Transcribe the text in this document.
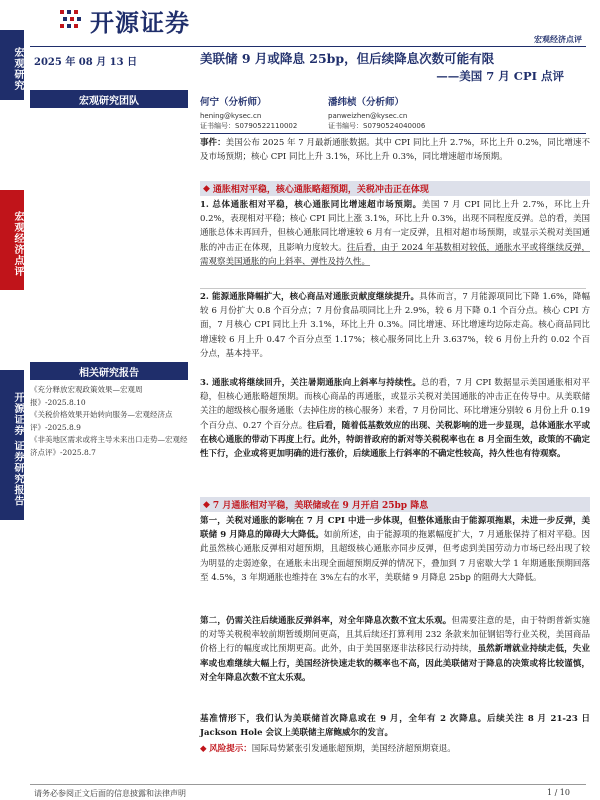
宏观研究
宏观经济点评
开源证券 证券研究报告
开源证券
宏观经济点评
2025 年 08 月 13 日	美联储 9 月或降息 25bp，但后续降息次数可能有限
——美国 7 月 CPI 点评
宏观研究团队	何宁（分析师）
hening@kysec.cn
证书编号：S0790522110002
潘纬桢（分析师）
panweizhen@kysec.cn
证书编号：S0790524040006
事件：美国公布 2025 年 7 月最新通胀数据。其中 CPI 同比上升 2.7%，环比上升 0.2%，同比增速不及市场预期；核心 CPI 同比上升 3.1%，环比上升 0.3%，同比增速超市场预期。
◆ 通胀相对平稳，核心通胀略超预期，关税冲击正在体现
1. 总体通胀相对平稳，核心通胀同比增速超市场预期。美国 7 月 CPI 同比上升 2.7%，环比上升 0.2%，表现相对平稳；核心 CPI 同比上涨 3.1%，环比上升 0.3%，出现不同程度反弹。总的看，美国通胀总体未再回升，但核心通胀同比增速较 6 月有一定反弹，且相对超市场预期，或显示关税对美国通胀的冲击正在体现，且影响力度较大。往后看，由于 2024 年基数相对较低，通胀水平或将继续反弹，需观察美国通胀的向上斜率、弹性及持久性。
2. 能源通胀降幅扩大，核心商品对通胀贡献度继续提升。具体而言，7 月能源项同比下降 1.6%，降幅较 6 月份扩大 0.8 个百分点；7 月份食品项同比上升 2.9%，较 6 月下降 0.1 个百分点。核心 CPI 方面，7 月核心 CPI 同比上升 3.1%，环比上升 0.3%。同比增速、环比增速均边际走高。核心商品同比增速较 6 月上升 0.47 个百分点至 1.17%；核心服务同比上升 3.637%，较 6 月份上升约 0.02 个百分点，基本持平。
3. 通胀或将继续回升，关注暑期通胀向上斜率与持续性。总的看，7 月 CPI 数据显示美国通胀相对平稳，但核心通胀略超预期。而核心商品的再通胀，或显示关税对美国通胀的冲击正在传导中。从美联储关注的超级核心服务通胀（去掉住房的核心服务）来看，7 月份同比、环比增速分别较 6 月份上升 0.19 个百分点、0.27 个百分点。往后看，随着低基数效应的出现、关税影响的进一步显现，总体通胀水平或在核心通胀的带动下再度上行。此外，特朗普政府的新对等关税税率也在 8 月全面生效，政策的不确定性下行，企业或将更加明确的进行涨价，后续通胀上行斜率的不确定性较高，持久性也有待观察。
◆ 7 月通胀相对平稳，美联储或在 9 月开启 25bp 降息
第一，关税对通胀的影响在 7 月 CPI 中进一步体现，但整体通胀由于能源项拖累，未进一步反弹，美联储 9 月降息的障碍大大降低。如前所述，由于能源项的拖累幅度扩大，7 月通胀保持了相对平稳。因此虽然核心通胀反弹相对超预期，且超级核心通胀亦同步反弹，但考虑到美国劳动力市场已经出现了较为明显的走弱迹象，在通胀未出现全面超预期反弹的情况下，叠加到 7 月密歇大学 1 年期通胀预期回落至 4.5%，3 年期通胀也维持在 3%左右的水平，美联储 9 月降息 25bp 的阻碍大大降低。
第二，仍需关注后续通胀反弹斜率，对全年降息次数不宜太乐观。但需要注意的是，由于特朗普新实施的对等关税税率较前期暂缓期间更高，且其后续还打算利用 232 条款来加征钢铝等行业关税，美国商品价格上行的幅度或比预期更高。此外，由于美国驱逐非法移民行动持续，虽然新增就业持续走低，失业率或也难继续大幅上行，美国经济快速走软的概率也不高，因此美联储对于降息的决策或将比较谨慎，对全年降息次数不宜太乐观。
基准情形下，我们认为美联储首次降息或在 9 月，全年有 2 次降息。后续关注 8 月 21-23 日 Jackson Hole 会议上美联储主席鲍威尔的发言。
◆ 风险提示：国际局势紧张引发通胀超预期，美国经济超预期衰退。
相关研究报告
《充分释放宏观政策效果—宏观周报》-2025.8.10
《关税价格效果开始转向服务—宏观经济点评》-2025.8.9
《非美地区需求或将主导未来出口走势—宏观经济点评》-2025.8.7
请务必参阅正文后面的信息披露和法律声明	1 / 10
